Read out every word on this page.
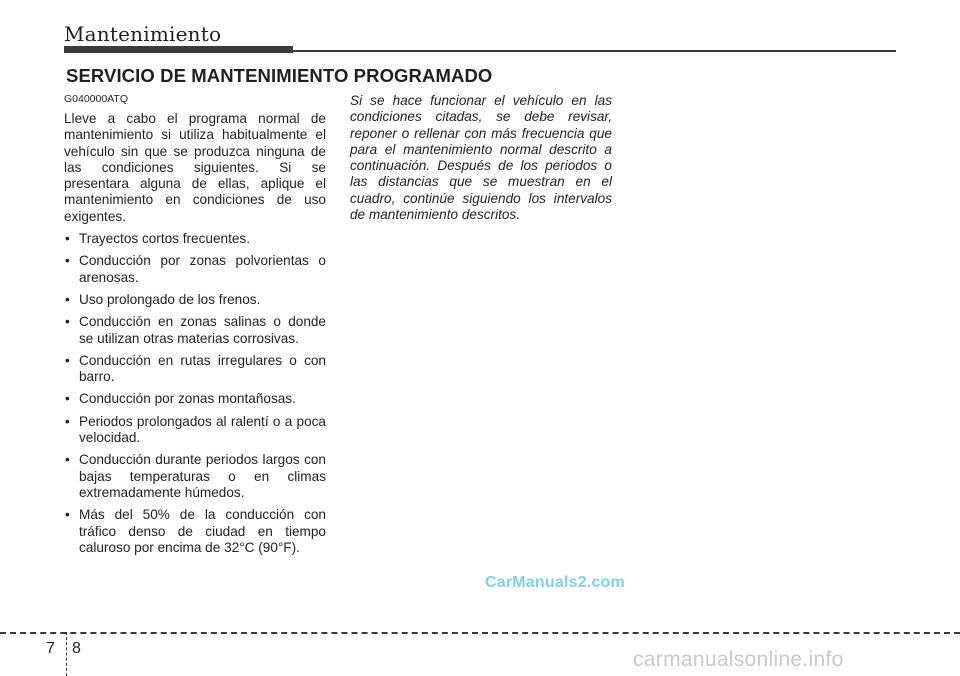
Mantenimiento
SERVICIO DE MANTENIMIENTO PROGRAMADO
G040000ATQ

Lleve a cabo el programa normal de mantenimiento si utiliza habitualmente el vehículo sin que se produzca ninguna de las condiciones siguientes. Si se presentara alguna de ellas, aplique el mantenimiento en condiciones de uso exigentes.

• Trayectos cortos frecuentes.
• Conducción por zonas polvorientas o arenosas.
• Uso prolongado de los frenos.
• Conducción en zonas salinas o donde se utilizan otras materias corrosivas.
• Conducción en rutas irregulares o con barro.
• Conducción por zonas montañosas.
• Periodos prolongados al ralentí o a poca velocidad.
• Conducción durante periodos largos con bajas temperaturas o en climas extremadamente húmedos.
• Más del 50% de la conducción con tráfico denso de ciudad en tiempo caluroso por encima de 32°C (90°F).

Si se hace funcionar el vehículo en las condiciones citadas, se debe revisar, reponer o rellenar con más frecuencia que para el mantenimiento normal descrito a continuación. Después de los periodos o las distancias que se muestran en el cuadro, continúe siguiendo los intervalos de mantenimiento descritos.

CarManuals2.com
7 8	carmanualsonline.info
